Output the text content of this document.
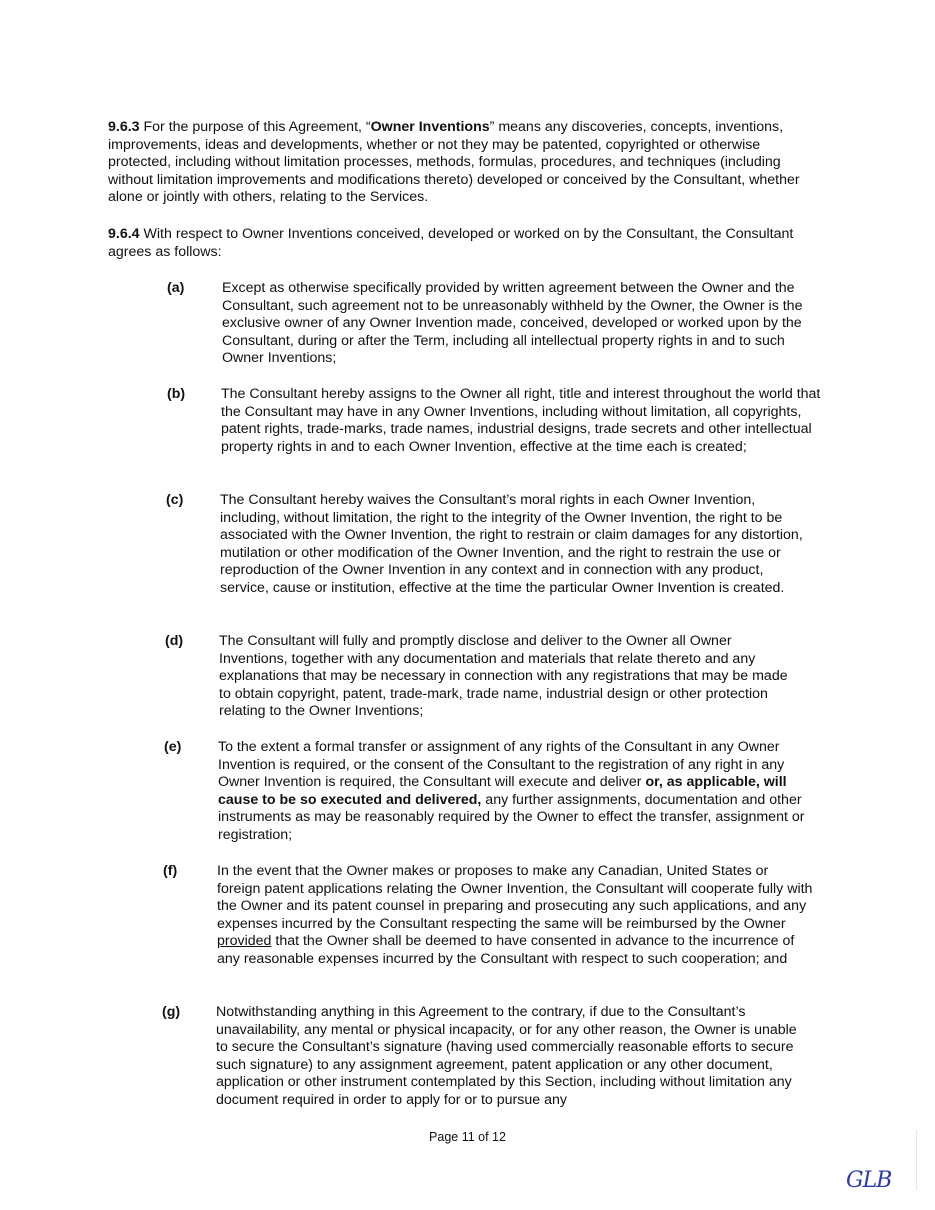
9.6.3 For the purpose of this Agreement, “Owner Inventions” means any discoveries, concepts, inventions, improvements, ideas and developments, whether or not they may be patented, copyrighted or otherwise protected, including without limitation processes, methods, formulas, procedures, and techniques (including without limitation improvements and modifications thereto) developed or conceived by the Consultant, whether alone or jointly with others, relating to the Services.

9.6.4 With respect to Owner Inventions conceived, developed or worked on by the Consultant, the Consultant agrees as follows:

(a)	Except as otherwise specifically provided by written agreement between the Owner and the Consultant, such agreement not to be unreasonably withheld by the Owner, the Owner is the exclusive owner of any Owner Invention made, conceived, developed or worked upon by the Consultant, during or after the Term, including all intellectual property rights in and to such Owner Inventions;

(b)	The Consultant hereby assigns to the Owner all right, title and interest throughout the world that the Consultant may have in any Owner Inventions, including without limitation, all copyrights, patent rights, trade-marks, trade names, industrial designs, trade secrets and other intellectual property rights in and to each Owner Invention, effective at the time each is created;

(c)	The Consultant hereby waives the Consultant’s moral rights in each Owner Invention, including, without limitation, the right to the integrity of the Owner Invention, the right to be associated with the Owner Invention, the right to restrain or claim damages for any distortion, mutilation or other modification of the Owner Invention, and the right to restrain the use or reproduction of the Owner Invention in any context and in connection with any product, service, cause or institution, effective at the time the particular Owner Invention is created.

(d)	The Consultant will fully and promptly disclose and deliver to the Owner all Owner Inventions, together with any documentation and materials that relate thereto and any explanations that may be necessary in connection with any registrations that may be made to obtain copyright, patent, trade-mark, trade name, industrial design or other protection relating to the Owner Inventions;

(e)	To the extent a formal transfer or assignment of any rights of the Consultant in any Owner Invention is required, or the consent of the Consultant to the registration of any right in any Owner Invention is required, the Consultant will execute and deliver or, as applicable, will cause to be so executed and delivered, any further assignments, documentation and other instruments as may be reasonably required by the Owner to effect the transfer, assignment or registration;

(f)	In the event that the Owner makes or proposes to make any Canadian, United States or foreign patent applications relating the Owner Invention, the Consultant will cooperate fully with the Owner and its patent counsel in preparing and prosecuting any such applications, and any expenses incurred by the Consultant respecting the same will be reimbursed by the Owner provided that the Owner shall be deemed to have consented in advance to the incurrence of any reasonable expenses incurred by the Consultant with respect to such cooperation; and

(g)	Notwithstanding anything in this Agreement to the contrary, if due to the Consultant’s unavailability, any mental or physical incapacity, or for any other reason, the Owner is unable to secure the Consultant’s signature (having used commercially reasonable efforts to secure such signature) to any assignment agreement, patent application or any other document, application or other instrument contemplated by this Section, including without limitation any document required in order to apply for or to pursue any

Page 11 of 12
GLB
